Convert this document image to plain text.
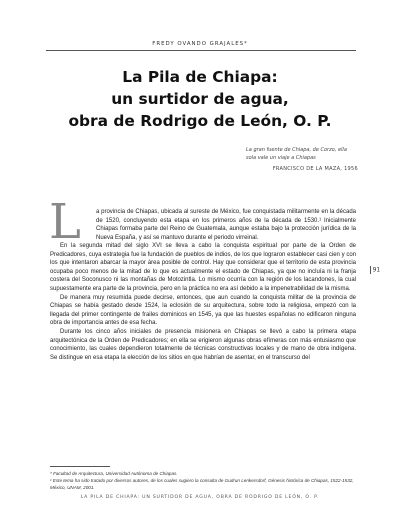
FREDY OVANDO GRAJALES*
La Pila de Chiapa:
un surtidor de agua,
obra de Rodrigo de León, O. P.
La gran fuente de Chiapa, de Corzo, ella sola vale un viaje a Chiapas
FRANCISCO DE LA MAZA, 1956
L	a provincia de Chiapas, ubicada al sureste de México, fue conquistada militarmente en la década de 1520, concluyendo esta etapa en los primeros años de la década de 1530.¹ Inicialmente Chiapas formaba parte del Reino de Guatemala, aunque estaba bajo la protección jurídica de la Nueva España, y así se mantuvo durante el periodo virreinal.

En la segunda mitad del siglo XVI se lleva a cabo la conquista espiritual por parte de la Orden de Predicadores, cuya estrategia fue la fundación de pueblos de indios, de los que lograron establecer casi cien y con los que intentaron abarcar la mayor área posible de control. Hay que considerar que el territorio de esta provincia ocupaba poco menos de la mitad de lo que es actualmente el estado de Chiapas, ya que no incluía ni la franja costera del Soconusco ni las montañas de Motozintla. Lo mismo ocurría con la región de los lacandones, la cual supuestamente era parte de la provincia, pero en la práctica no era así debido a la impenetrabilidad de la misma.

De manera muy resumida puede decirse, entonces, que aun cuando la conquista militar de la provincia de Chiapas se había gestado desde 1524, la eclosión de su arquitectura, sobre todo la religiosa, empezó con la llegada del primer contingente de frailes dominicos en 1545, ya que las huestes españolas no edificaron ninguna obra de importancia antes de esa fecha.

Durante los cinco años iniciales de presencia misionera en Chiapas se llevó a cabo la primera etapa arquitectónica de la Orden de Predicadores; en ella se erigieron algunas obras efímeras con más entusiasmo que conocimiento, las cuales dependieron totalmente de técnicas constructivas locales y de mano de obra indígena. Se distingue en esa etapa la elección de los sitios en que habrían de asentar, en el transcurso del

91

* Facultad de Arquitectura, Universidad Autónoma de Chiapas.

¹ Este tema ha sido tratado por diversos autores, de los cuales sugiero la consulta de Gudrun Lenkersdorf, Génesis histórica de Chiapas, 1522-1532, México, UNAM, 2001.

LA PILA DE CHIAPA: UN SURTIDOR DE AGUA, OBRA DE RODRIGO DE LEÓN, O. P.
